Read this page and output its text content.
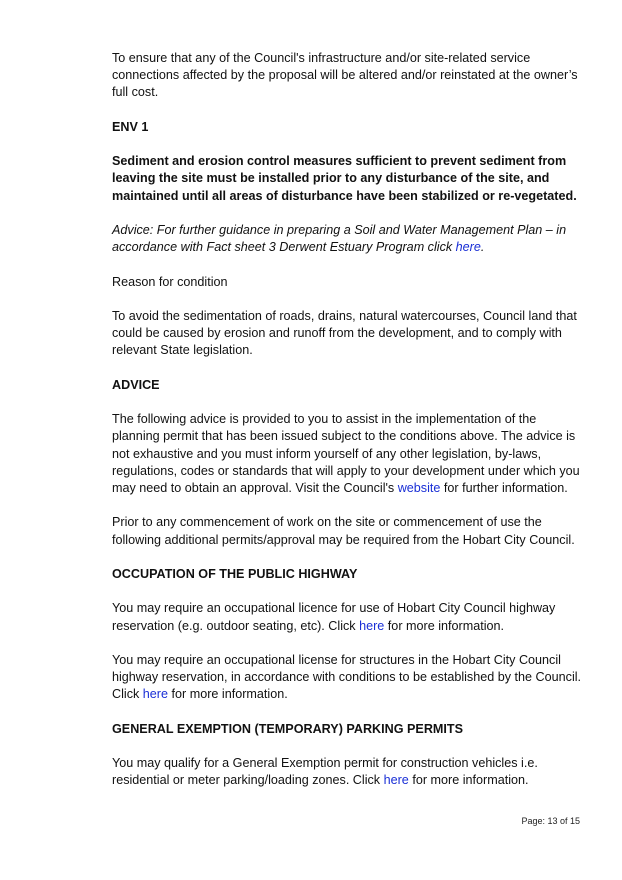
To ensure that any of the Council's infrastructure and/or site-related service connections affected by the proposal will be altered and/or reinstated at the owner’s full cost.

ENV 1

Sediment and erosion control measures sufficient to prevent sediment from leaving the site must be installed prior to any disturbance of the site, and maintained until all areas of disturbance have been stabilized or re-vegetated.

Advice: For further guidance in preparing a Soil and Water Management Plan – in accordance with Fact sheet 3 Derwent Estuary Program click here.

Reason for condition

To avoid the sedimentation of roads, drains, natural watercourses, Council land that could be caused by erosion and runoff from the development, and to comply with relevant State legislation.

ADVICE

The following advice is provided to you to assist in the implementation of the planning permit that has been issued subject to the conditions above. The advice is not exhaustive and you must inform yourself of any other legislation, by-laws, regulations, codes or standards that will apply to your development under which you may need to obtain an approval. Visit the Council's website for further information.

Prior to any commencement of work on the site or commencement of use the following additional permits/approval may be required from the Hobart City Council.

OCCUPATION OF THE PUBLIC HIGHWAY

You may require an occupational licence for use of Hobart City Council highway reservation (e.g. outdoor seating, etc). Click here for more information.

You may require an occupational license for structures in the Hobart City Council highway reservation, in accordance with conditions to be established by the Council. Click here for more information.

GENERAL EXEMPTION (TEMPORARY) PARKING PERMITS

You may qualify for a General Exemption permit for construction vehicles i.e. residential or meter parking/loading zones. Click here for more information.

Page: 13 of 15
